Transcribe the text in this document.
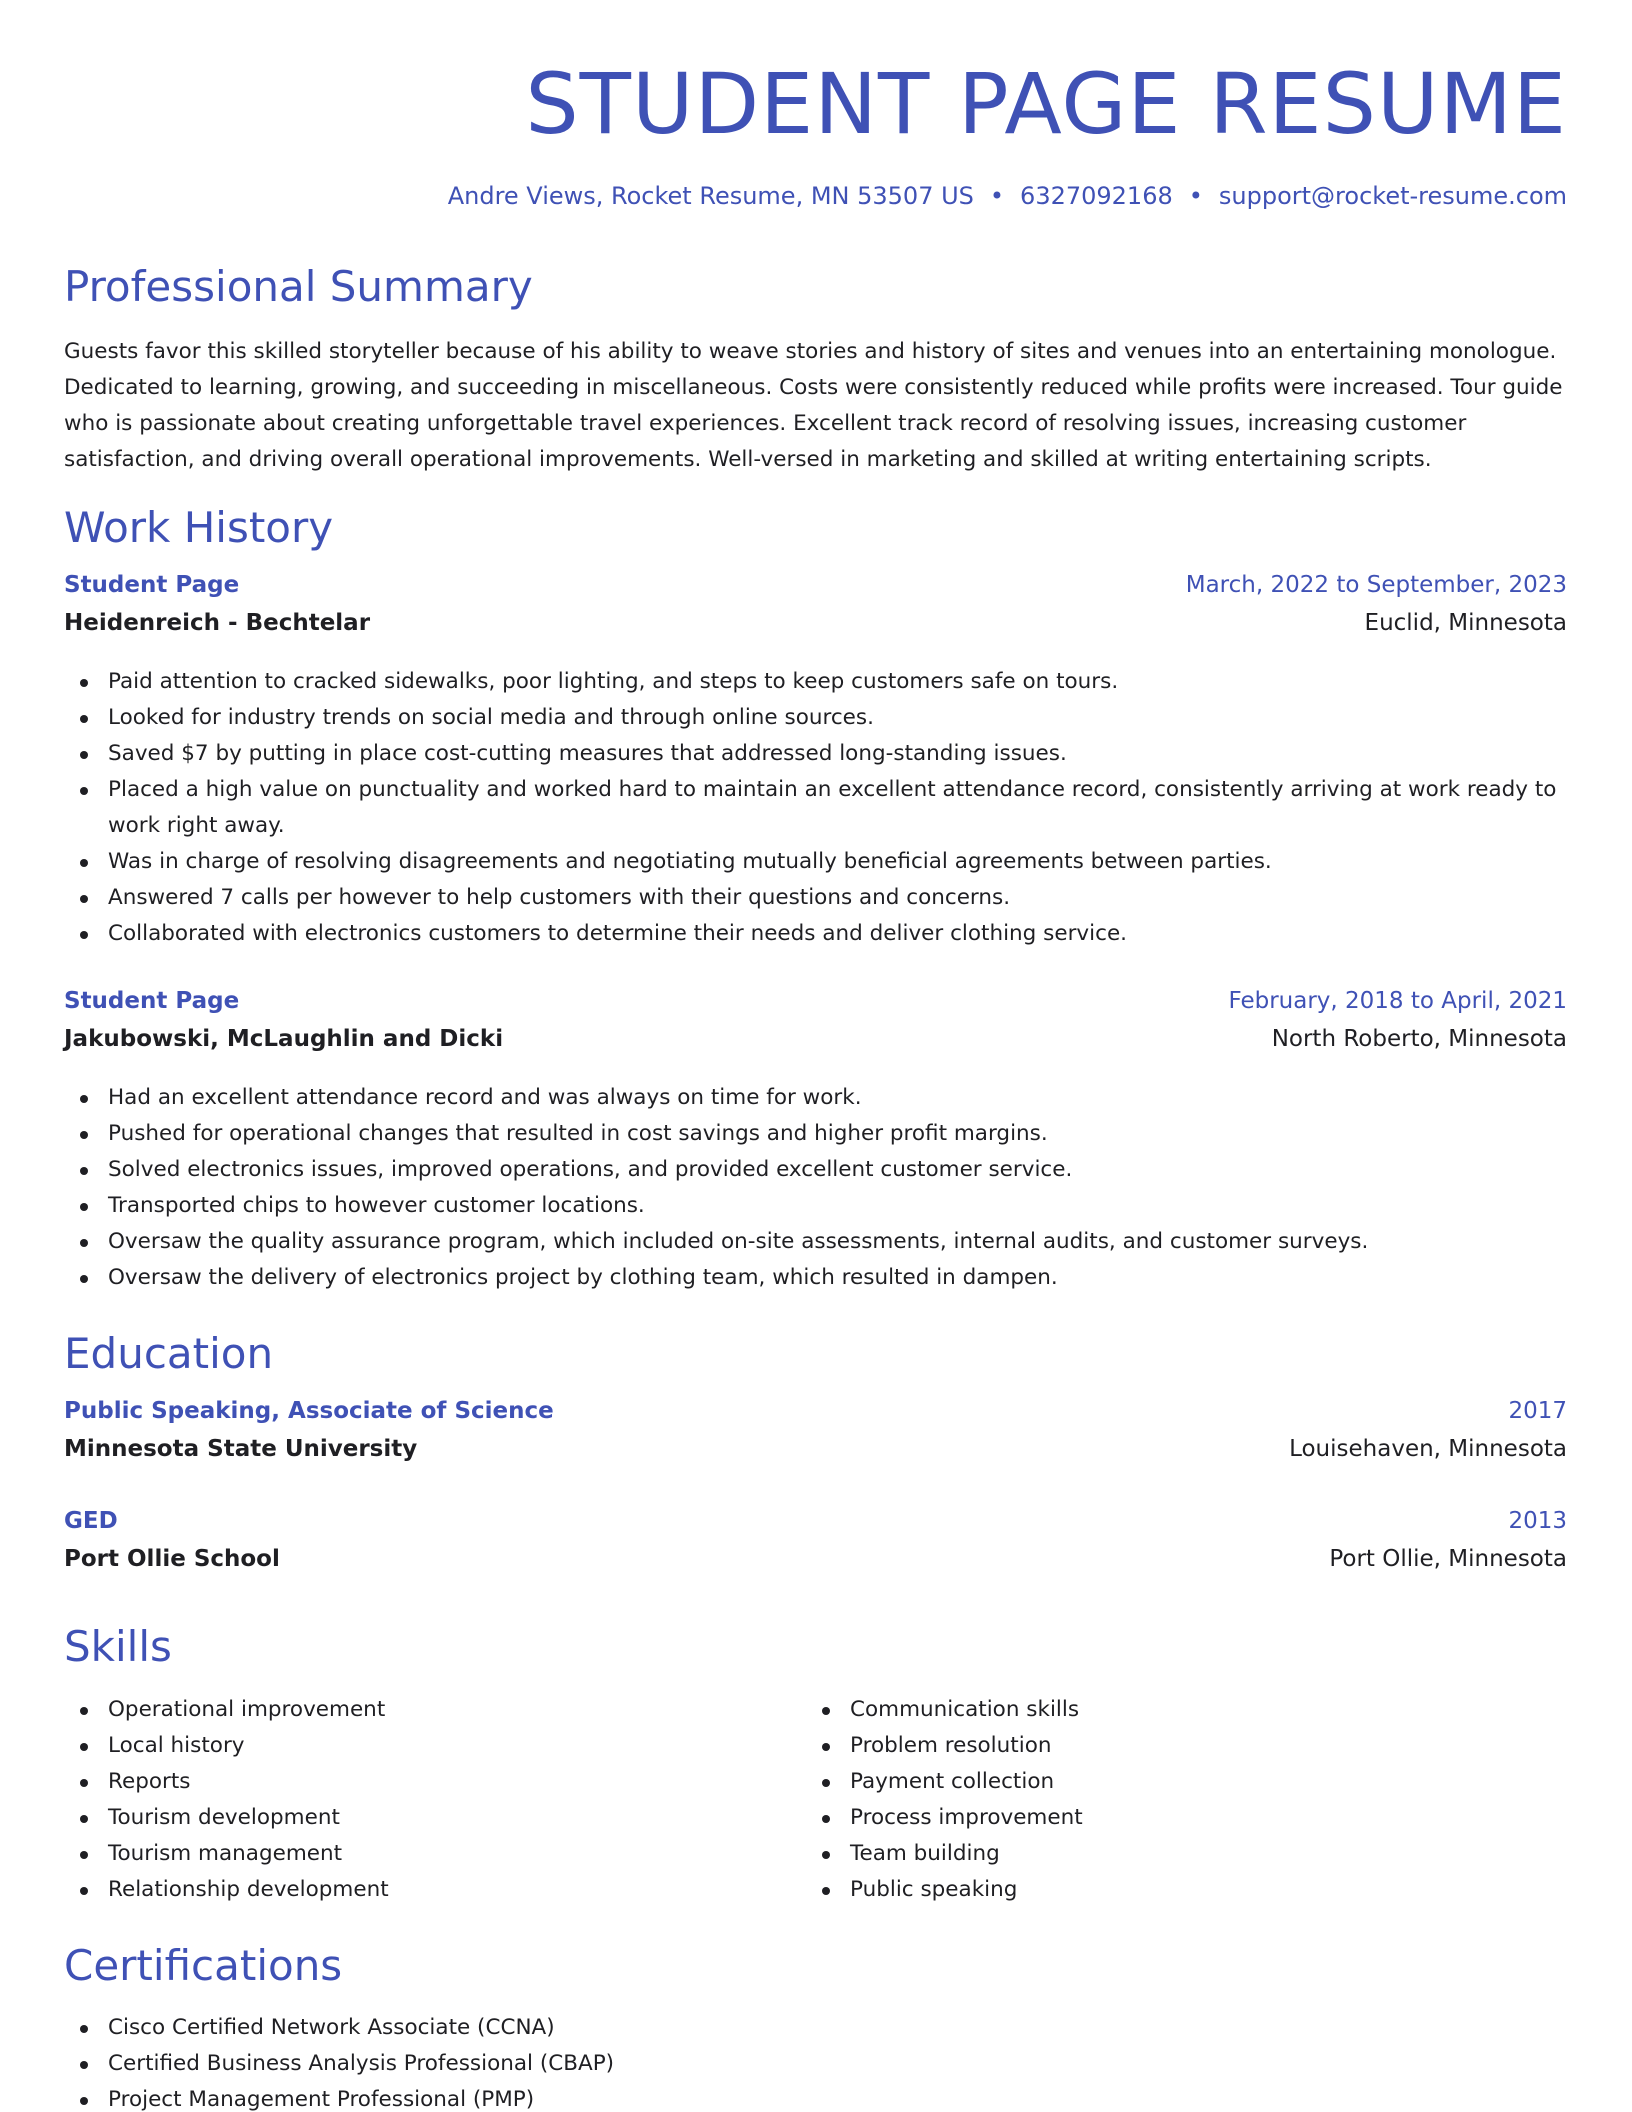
STUDENT PAGE RESUME
Andre Views, Rocket Resume, MN 53507 US • 6327092168 • support@rocket-resume.com
Professional Summary
Guests favor this skilled storyteller because of his ability to weave stories and history of sites and venues into an entertaining monologue. Dedicated to learning, growing, and succeeding in miscellaneous. Costs were consistently reduced while profits were increased. Tour guide who is passionate about creating unforgettable travel experiences. Excellent track record of resolving issues, increasing customer satisfaction, and driving overall operational improvements. Well-versed in marketing and skilled at writing entertaining scripts.
Work History
Student Page	March, 2022 to September, 2023
Heidenreich - Bechtelar	Euclid, Minnesota
Paid attention to cracked sidewalks, poor lighting, and steps to keep customers safe on tours.
Looked for industry trends on social media and through online sources.
Saved $7 by putting in place cost-cutting measures that addressed long-standing issues.
Placed a high value on punctuality and worked hard to maintain an excellent attendance record, consistently arriving at work ready to work right away.
Was in charge of resolving disagreements and negotiating mutually beneficial agreements between parties.
Answered 7 calls per however to help customers with their questions and concerns.
Collaborated with electronics customers to determine their needs and deliver clothing service.
Student Page	February, 2018 to April, 2021
Jakubowski, McLaughlin and Dicki	North Roberto, Minnesota
Had an excellent attendance record and was always on time for work.
Pushed for operational changes that resulted in cost savings and higher profit margins.
Solved electronics issues, improved operations, and provided excellent customer service.
Transported chips to however customer locations.
Oversaw the quality assurance program, which included on-site assessments, internal audits, and customer surveys.
Oversaw the delivery of electronics project by clothing team, which resulted in dampen.
Education
Public Speaking, Associate of Science	2017
Minnesota State University	Louisehaven, Minnesota
GED	2013
Port Ollie School	Port Ollie, Minnesota
Skills
Operational improvement
Local history
Reports
Tourism development
Tourism management
Relationship development
Communication skills
Problem resolution
Payment collection
Process improvement
Team building
Public speaking
Certifications
Cisco Certified Network Associate (CCNA)
Certified Business Analysis Professional (CBAP)
Project Management Professional (PMP)
